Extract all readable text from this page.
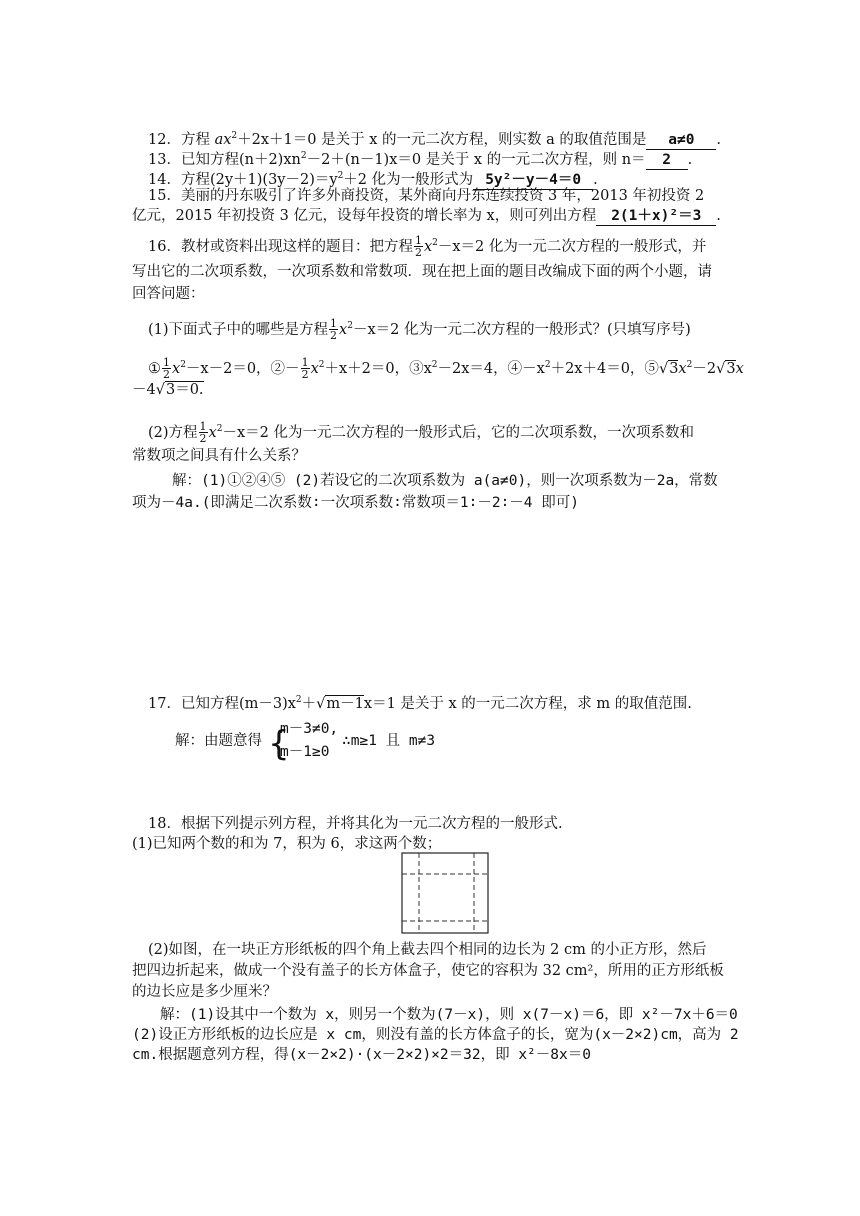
12．方程 $ax^2+2x+1=0$ 是关于 x 的一元二次方程，则实数 a 的取值范围是 a≠0 .
13．已知方程$(n+2)xn^2-2+(n-1)x=0$ 是关于 x 的一元二次方程，则 n＝ 2 .
14．方程$(2y+1)(3y-2)=y^2+2$ 化为一般形式为 5y²－y－4＝0 .
15．美丽的丹东吸引了许多外商投资，某外商向丹东连续投资 3 年，2013 年初投资 2
亿元，2015 年初投资 3 亿元，设每年投资的增长率为 x，则可列出方程 2(1＋x)²＝3 .
16．教材或资料出现这样的题目：把方程 $\frac{1}{2} x^2-x=2$ 化为一元二次方程的一般形式，并
写出它的二次项系数，一次项系数和常数项．现在把上面的题目改编成下面的两个小题，请
回答问题：
(1)下面式子中的哪些是方程 $\frac{1}{2} x^2-x=2$ 化为一元二次方程的一般形式？(只填写序号)
① $\frac{1}{2} x^2-x-2=0$，②－ $\frac{1}{2} x^2+x+2=0$，$③x^2-2x=4$，$④-x^2+2x+4=0$，$⑤√3x^2-2√3x$
－4√3＝0.
(2)方程 $\frac{1}{2} x^2-x=2$ 化为一元二次方程的一般形式后，它的二次项系数，一次项系数和
常数项之间具有什么关系？
解：(1)①②④⑤ (2)若设它的二次项系数为 a(a≠0)，则一次项系数为－2a，常数
项为－4a.(即满足二次系数∶一次项系数∶常数项＝1∶－2∶－4 即可)
17．已知方程$(m-3)x^2+√m-1x=1$ 是关于 x 的一元二次方程，求 m 的取值范围.
解：由题意得 {
m－3≠0,
m－1≥0
∴m≥1 且 m≠3
18．根据下列提示列方程，并将其化为一元二次方程的一般形式.
(1)已知两个数的和为 7，积为 6，求这两个数；
(2)如图，在一块正方形纸板的四个角上截去四个相同的边长为 2 cm 的小正方形，然后
把四边折起来，做成一个没有盖子的长方体盒子，使它的容积为 32 cm²，所用的正方形纸板
的边长应是多少厘米？
解：(1)设其中一个数为 x，则另一个数为(7－x)，则 x(7－x)＝6，即 x²－7x＋6＝0
(2)设正方形纸板的边长应是 x cm，则没有盖的长方体盒子的长，宽为(x－2×2)cm，高为 2
cm.根据题意列方程，得(x－2×2)·(x－2×2)×2＝32，即 x²－8x＝0
